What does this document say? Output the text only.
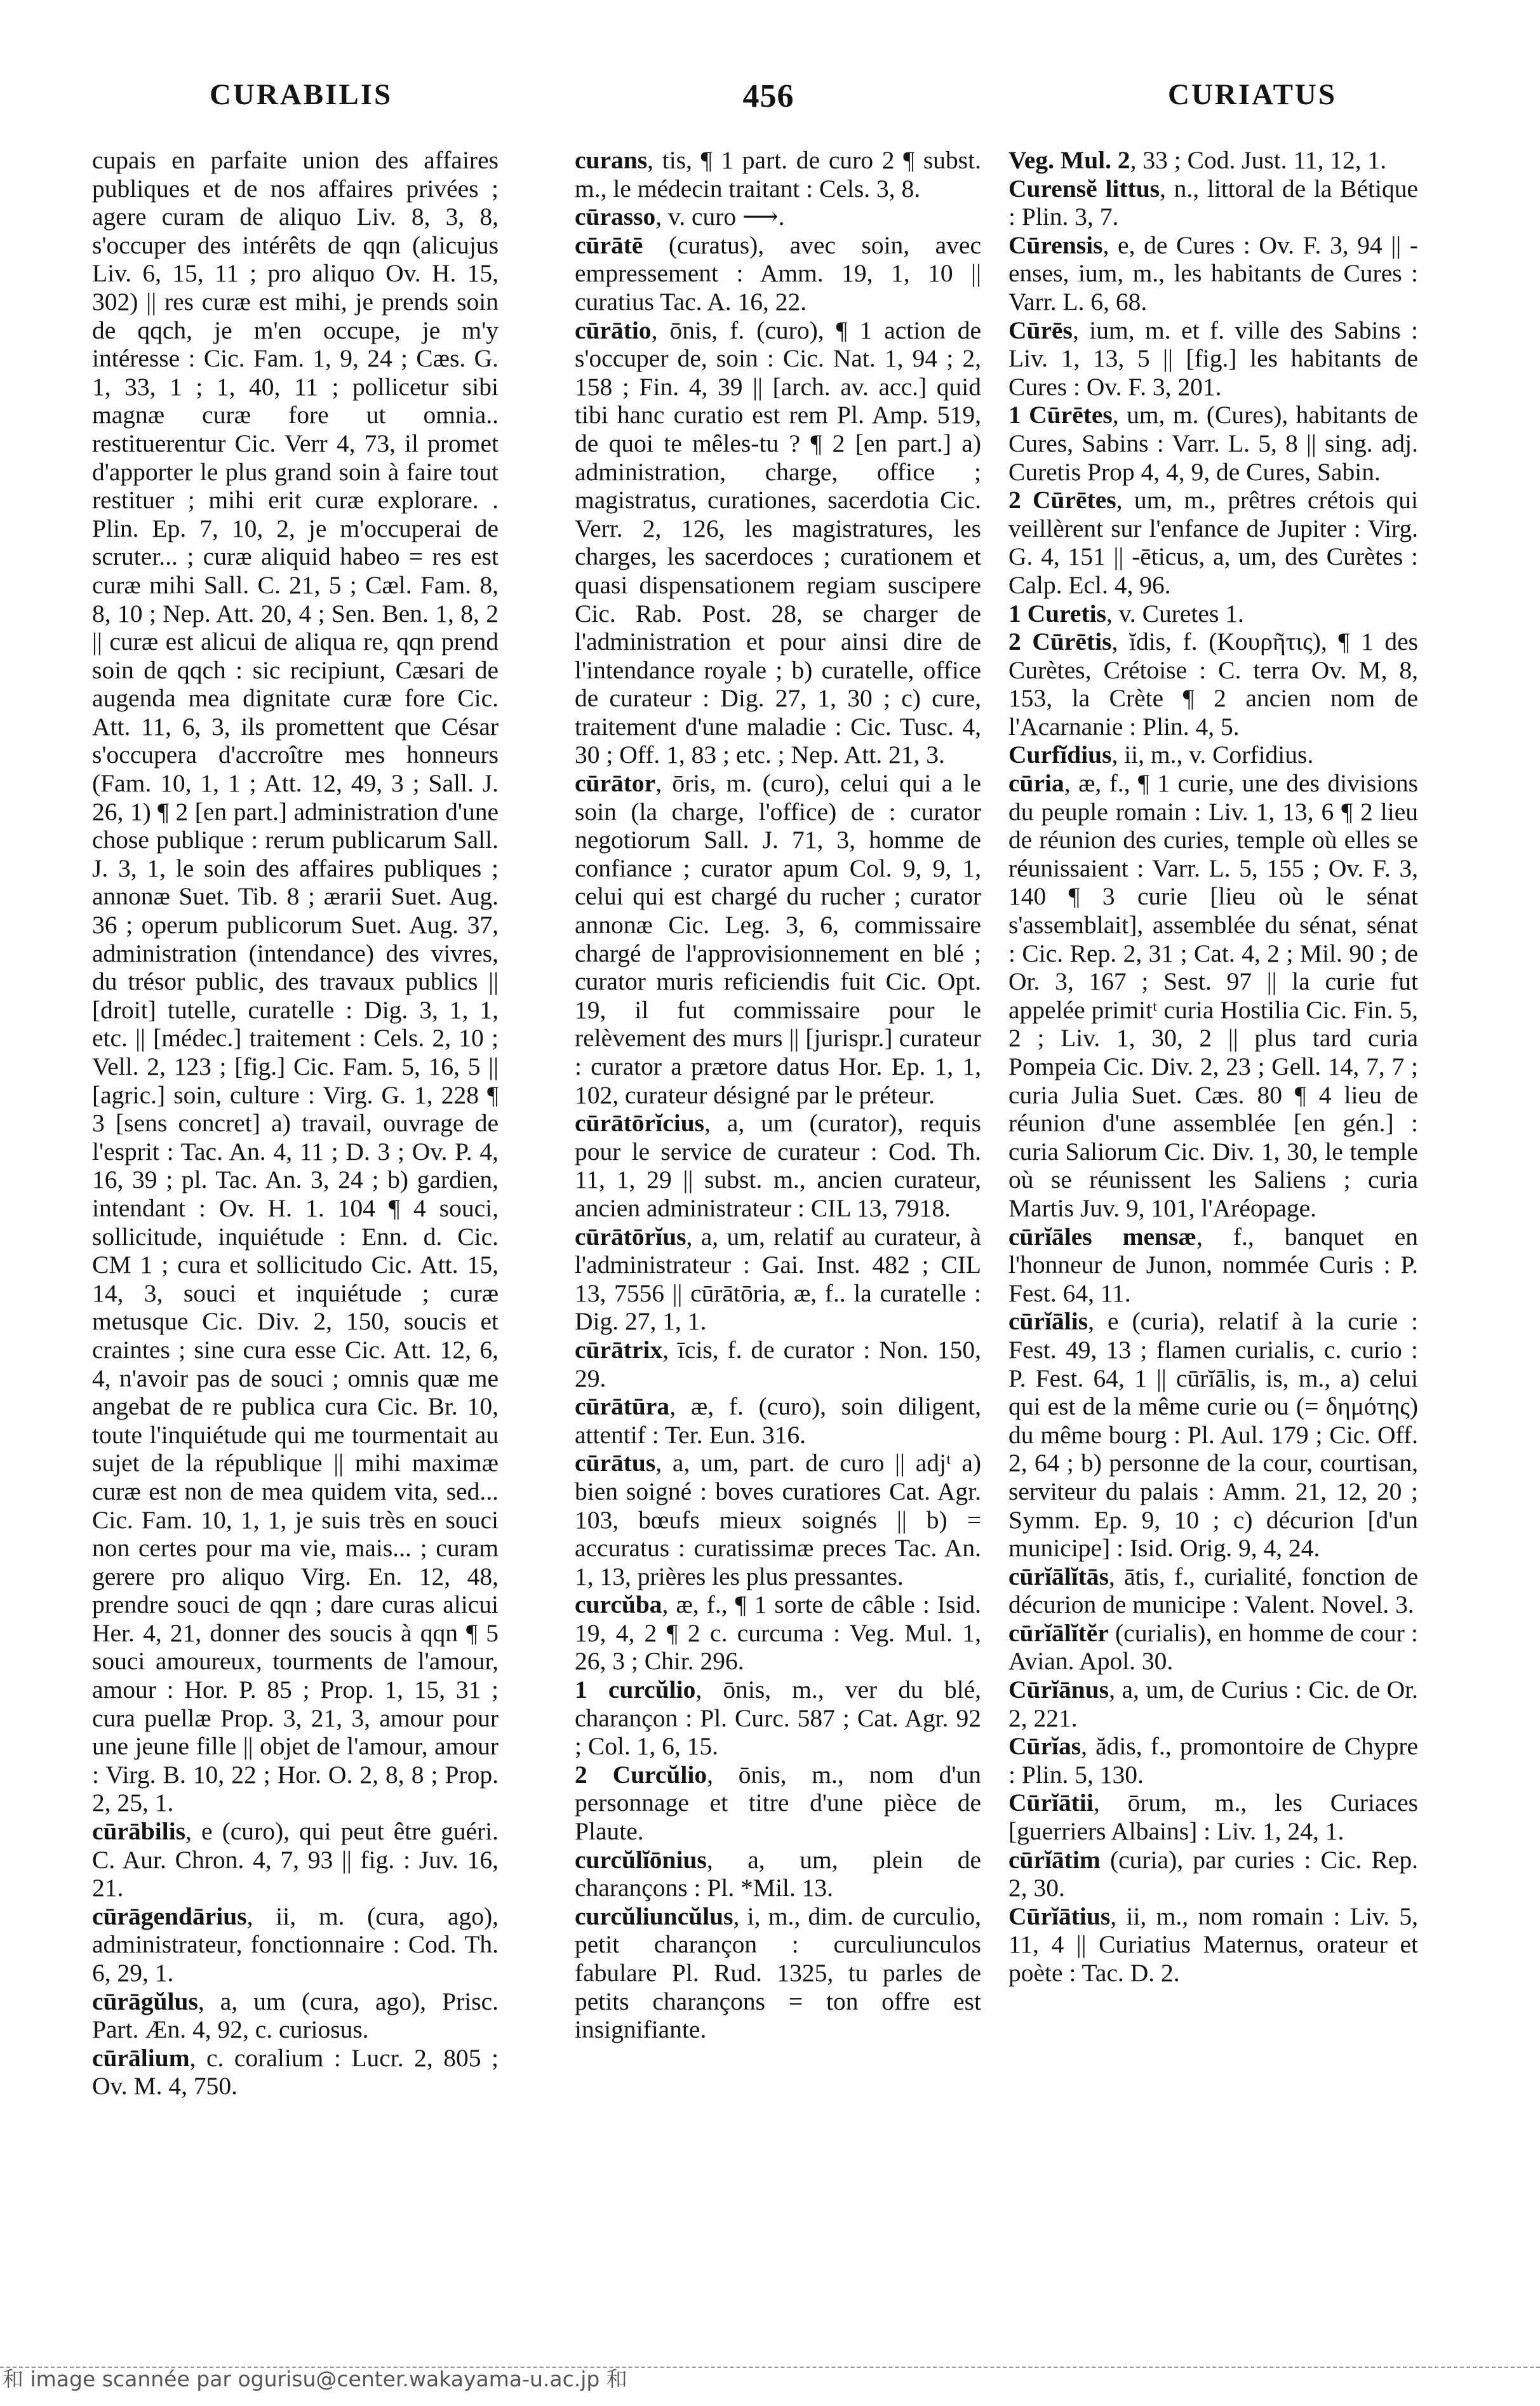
CURABILIS	456	CURIATUS

cupais en parfaite union des affaires publiques et de nos affaires privées ; agere curam de aliquo Liv. 8, 3, 8, s'occuper des intérêts de qqn (alicujus Liv. 6, 15, 11 ; pro aliquo Ov. H. 15, 302) || res curæ est mihi, je prends soin de qqch, je m'en occupe, je m'y intéresse : Cic. Fam. 1, 9, 24 ; Cæs. G. 1, 33, 1 ; 1, 40, 11 ; pollicetur sibi magnæ curæ fore ut omnia.. restituerentur Cic. Verr 4, 73, il promet d'apporter le plus grand soin à faire tout restituer ; mihi erit curæ explorare. . Plin. Ep. 7, 10, 2, je m'occuperai de scruter... ; curæ aliquid habeo = res est curæ mihi Sall. C. 21, 5 ; Cæl. Fam. 8, 8, 10 ; Nep. Att. 20, 4 ; Sen. Ben. 1, 8, 2 || curæ est alicui de aliqua re, qqn prend soin de qqch : sic recipiunt, Cæsari de augenda mea dignitate curæ fore Cic. Att. 11, 6, 3, ils promettent que César s'occupera d'accroître mes honneurs (Fam. 10, 1, 1 ; Att. 12, 49, 3 ; Sall. J. 26, 1) ¶ 2 [en part.] administration d'une chose publique : rerum publicarum Sall. J. 3, 1, le soin des affaires publiques ; annonæ Suet. Tib. 8 ; ærarii Suet. Aug. 36 ; operum publicorum Suet. Aug. 37, administration (intendance) des vivres, du trésor public, des travaux publics || [droit] tutelle, curatelle : Dig. 3, 1, 1, etc. || [médec.] traitement : Cels. 2, 10 ; Vell. 2, 123 ; [fig.] Cic. Fam. 5, 16, 5 || [agric.] soin, culture : Virg. G. 1, 228 ¶ 3 [sens concret] a) travail, ouvrage de l'esprit : Tac. An. 4, 11 ; D. 3 ; Ov. P. 4, 16, 39 ; pl. Tac. An. 3, 24 ; b) gardien, intendant : Ov. H. 1. 104 ¶ 4 souci, sollicitude, inquiétude : Enn. d. Cic. CM 1 ; cura et sollicitudo Cic. Att. 15, 14, 3, souci et inquiétude ; curæ metusque Cic. Div. 2, 150, soucis et craintes ; sine cura esse Cic. Att. 12, 6, 4, n'avoir pas de souci ; omnis quæ me angebat de re publica cura Cic. Br. 10, toute l'inquiétude qui me tourmentait au sujet de la république || mihi maximæ curæ est non de mea quidem vita, sed... Cic. Fam. 10, 1, 1, je suis très en souci non certes pour ma vie, mais... ; curam gerere pro aliquo Virg. En. 12, 48, prendre souci de qqn ; dare curas alicui Her. 4, 21, donner des soucis à qqn ¶ 5 souci amoureux, tourments de l'amour, amour : Hor. P. 85 ; Prop. 1, 15, 31 ; cura puellæ Prop. 3, 21, 3, amour pour une jeune fille || objet de l'amour, amour : Virg. B. 10, 22 ; Hor. O. 2, 8, 8 ; Prop. 2, 25, 1.

cūrābilis, e (curo), qui peut être guéri. C. Aur. Chron. 4, 7, 93 || fig. : Juv. 16, 21.

cūrāgendārius, ii, m. (cura, ago), administrateur, fonctionnaire : Cod. Th. 6, 29, 1.

cūrāgŭlus, a, um (cura, ago), Prisc. Part. Æn. 4, 92, c. curiosus.

cūrālium, c. coralium : Lucr. 2, 805 ; Ov. M. 4, 750.

curans, tis, ¶ 1 part. de curo 2 ¶ subst. m., le médecin traitant : Cels. 3, 8.

cūrasso, v. curo ⟶.

cūrātē (curatus), avec soin, avec empressement : Amm. 19, 1, 10 || curatius Tac. A. 16, 22.

cūrātio, ōnis, f. (curo), ¶ 1 action de s'occuper de, soin : Cic. Nat. 1, 94 ; 2, 158 ; Fin. 4, 39 || [arch. av. acc.] quid tibi hanc curatio est rem Pl. Amp. 519, de quoi te mêles-tu ? ¶ 2 [en part.] a) administration, charge, office ; magistratus, curationes, sacerdotia Cic. Verr. 2, 126, les magistratures, les charges, les sacerdoces ; curationem et quasi dispensationem regiam suscipere Cic. Rab. Post. 28, se charger de l'administration et pour ainsi dire de l'intendance royale ; b) curatelle, office de curateur : Dig. 27, 1, 30 ; c) cure, traitement d'une maladie : Cic. Tusc. 4, 30 ; Off. 1, 83 ; etc. ; Nep. Att. 21, 3.

cūrātor, ōris, m. (curo), celui qui a le soin (la charge, l'office) de : curator negotiorum Sall. J. 71, 3, homme de confiance ; curator apum Col. 9, 9, 1, celui qui est chargé du rucher ; curator annonæ Cic. Leg. 3, 6, commissaire chargé de l'approvisionnement en blé ; curator muris reficiendis fuit Cic. Opt. 19, il fut commissaire pour le relèvement des murs || [jurispr.] curateur : curator a prætore datus Hor. Ep. 1, 1, 102, curateur désigné par le préteur.

cūrātōrĭcius, a, um (curator), requis pour le service de curateur : Cod. Th. 11, 1, 29 || subst. m., ancien curateur, ancien administrateur : CIL 13, 7918.

cūrātōrĭus, a, um, relatif au curateur, à l'administrateur : Gai. Inst. 482 ; CIL 13, 7556 || cūrātōria, æ, f.. la curatelle : Dig. 27, 1, 1.

cūrātrix, īcis, f. de curator : Non. 150, 29.

cūrātūra, æ, f. (curo), soin diligent, attentif : Ter. Eun. 316.

cūrātus, a, um, part. de curo || adjᵗ a) bien soigné : boves curatiores Cat. Agr. 103, bœufs mieux soignés || b) = accuratus : curatissimæ preces Tac. An. 1, 13, prières les plus pressantes.

curcŭba, æ, f., ¶ 1 sorte de câble : Isid. 19, 4, 2 ¶ 2 c. curcuma : Veg. Mul. 1, 26, 3 ; Chir. 296.

1 curcŭlio, ōnis, m., ver du blé, charançon : Pl. Curc. 587 ; Cat. Agr. 92 ; Col. 1, 6, 15.

2 Curcŭlio, ōnis, m., nom d'un personnage et titre d'une pièce de Plaute.

curcŭlĭōnius, a, um, plein de charançons : Pl. *Mil. 13.

curcŭliuncŭlus, i, m., dim. de curculio, petit charançon : curculiunculos fabulare Pl. Rud. 1325, tu parles de petits charançons = ton offre est insignifiante.

Veg. Mul. 2, 33 ; Cod. Just. 11, 12, 1.

Curensĕ littus, n., littoral de la Bétique : Plin. 3, 7.

Cūrensis, e, de Cures : Ov. F. 3, 94 || - enses, ium, m., les habitants de Cures : Varr. L. 6, 68.

Cūrēs, ium, m. et f. ville des Sabins : Liv. 1, 13, 5 || [fig.] les habitants de Cures : Ov. F. 3, 201.

1 Cūrētes, um, m. (Cures), habitants de Cures, Sabins : Varr. L. 5, 8 || sing. adj. Curetis Prop 4, 4, 9, de Cures, Sabin.

2 Cūrētes, um, m., prêtres crétois qui veillèrent sur l'enfance de Jupiter : Virg. G. 4, 151 || -ēticus, a, um, des Curètes : Calp. Ecl. 4, 96.

1 Curetis, v. Curetes 1.

2 Cūrētis, ĭdis, f. (Κουρῆτις), ¶ 1 des Curètes, Crétoise : C. terra Ov. M, 8, 153, la Crète ¶ 2 ancien nom de l'Acarnanie : Plin. 4, 5.

Curfĭdius, ii, m., v. Corfidius.

cūria, æ, f., ¶ 1 curie, une des divisions du peuple romain : Liv. 1, 13, 6 ¶ 2 lieu de réunion des curies, temple où elles se réunissaient : Varr. L. 5, 155 ; Ov. F. 3, 140 ¶ 3 curie [lieu où le sénat s'assemblait], assemblée du sénat, sénat : Cic. Rep. 2, 31 ; Cat. 4, 2 ; Mil. 90 ; de Or. 3, 167 ; Sest. 97 || la curie fut appelée primitᵗ curia Hostilia Cic. Fin. 5, 2 ; Liv. 1, 30, 2 || plus tard curia Pompeia Cic. Div. 2, 23 ; Gell. 14, 7, 7 ; curia Julia Suet. Cæs. 80 ¶ 4 lieu de réunion d'une assemblée [en gén.] : curia Saliorum Cic. Div. 1, 30, le temple où se réunissent les Saliens ; curia Martis Juv. 9, 101, l'Aréopage.

cūrĭāles mensæ, f., banquet en l'honneur de Junon, nommée Curis : P. Fest. 64, 11.

cūrĭālis, e (curia), relatif à la curie : Fest. 49, 13 ; flamen curialis, c. curio : P. Fest. 64, 1 || cūrĭālis, is, m., a) celui qui est de la même curie ou (= δημότης) du même bourg : Pl. Aul. 179 ; Cic. Off. 2, 64 ; b) personne de la cour, courtisan, serviteur du palais : Amm. 21, 12, 20 ; Symm. Ep. 9, 10 ; c) décurion [d'un municipe] : Isid. Orig. 9, 4, 24.

cūrĭālĭtās, ātis, f., curialité, fonction de décurion de municipe : Valent. Novel. 3.

cūrĭālĭtĕr (curialis), en homme de cour : Avian. Apol. 30.

Cūrĭānus, a, um, de Curius : Cic. de Or. 2, 221.

Cūrĭas, ădis, f., promontoire de Chypre : Plin. 5, 130.

Cūrĭātii, ōrum, m., les Curiaces [guerriers Albains] : Liv. 1, 24, 1.

cūrĭātim (curia), par curies : Cic. Rep. 2, 30.

Cūrĭātius, ii, m., nom romain : Liv. 5, 11, 4 || Curiatius Maternus, orateur et poète : Tac. D. 2.

和 image scannée par ogurisu@center.wakayama-u.ac.jp 和
